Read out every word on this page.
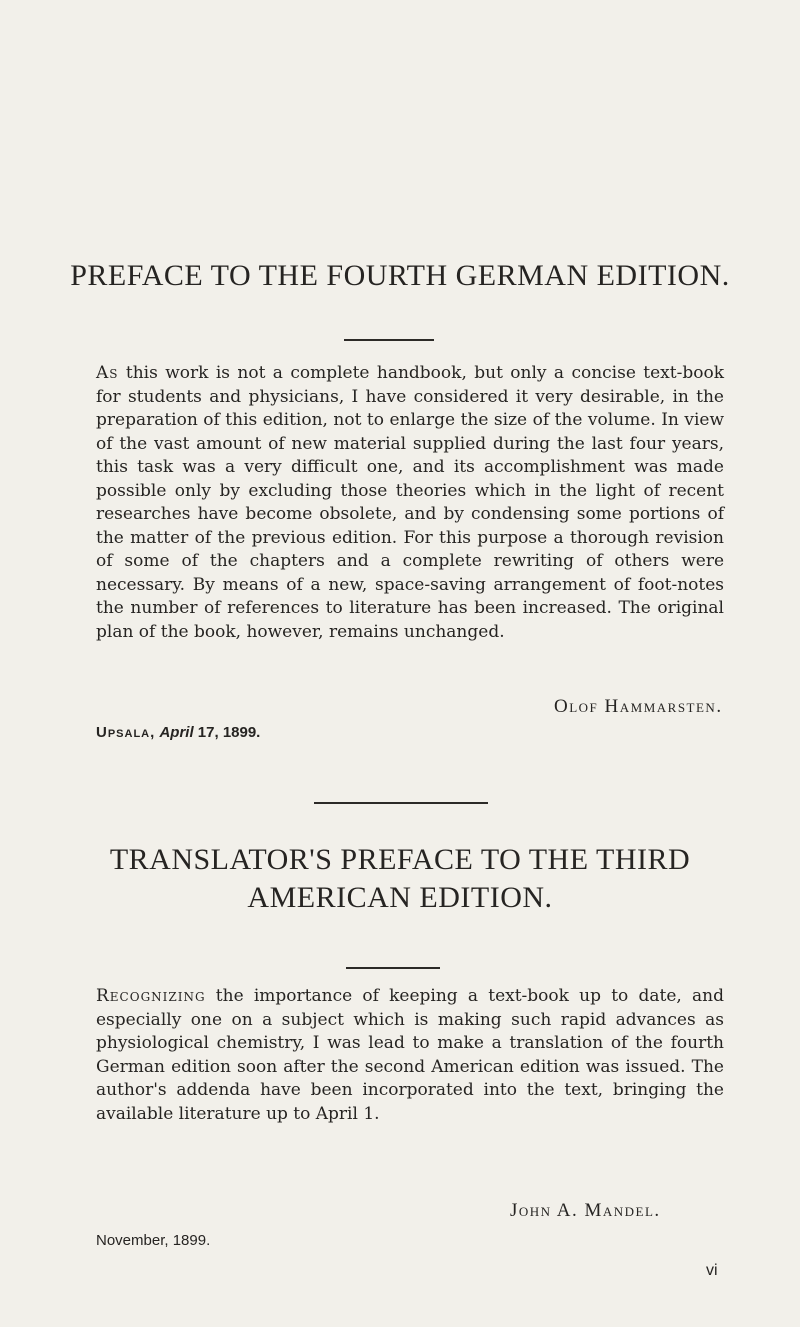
PREFACE TO THE FOURTH GERMAN EDITION.

As this work is not a complete handbook, but only a concise text-book for students and physicians, I have considered it very desirable, in the preparation of this edition, not to enlarge the size of the volume. In view of the vast amount of new material supplied during the last four years, this task was a very difficult one, and its accomplishment was made possible only by excluding those theories which in the light of recent researches have become obsolete, and by condensing some portions of the matter of the previous edition. For this purpose a thorough revision of some of the chapters and a complete rewriting of others were necessary. By means of a new, space-saving arrangement of foot-notes the number of references to literature has been increased. The original plan of the book, however, remains unchanged.

Olof Hammarsten.

Upsala, April 17, 1899.

TRANSLATOR'S PREFACE TO THE THIRD
AMERICAN EDITION.

Recognizing the importance of keeping a text-book up to date, and especially one on a subject which is making such rapid advances as physiological chemistry, I was lead to make a translation of the fourth German edition soon after the second American edition was issued. The author's addenda have been incorporated into the text, bringing the available literature up to April 1.

John A. Mandel.

November, 1899.

vi
